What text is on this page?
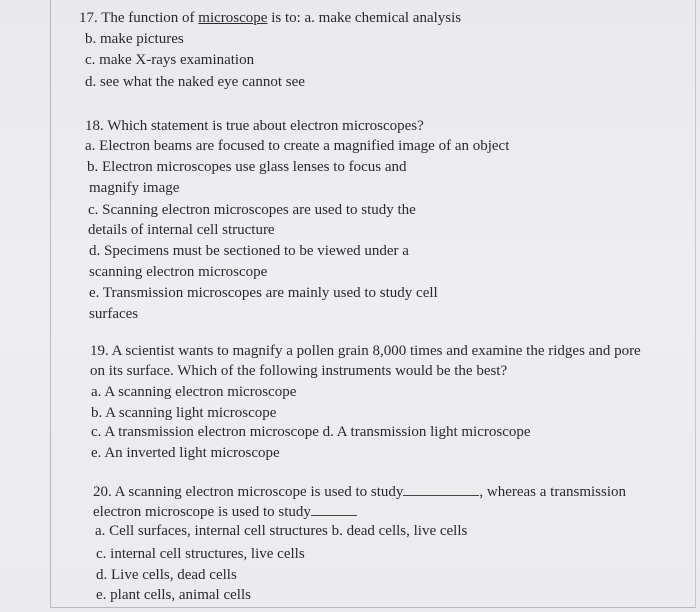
17. The function of microscope is to: a. make chemical analysis
b. make pictures
c. make X-rays examination
d. see what the naked eye cannot see
18. Which statement is true about electron microscopes?
a. Electron beams are focused to create a magnified image of an object
b. Electron microscopes use glass lenses to focus and
magnify image
c. Scanning electron microscopes are used to study the
details of internal cell structure
d. Specimens must be sectioned to be viewed under a
scanning electron microscope
e. Transmission microscopes are mainly used to study cell
surfaces
19. A scientist wants to magnify a pollen grain 8,000 times and examine the ridges and pore
on its surface. Which of the following instruments would be the best?
a. A scanning electron microscope
b. A scanning light microscope
c. A transmission electron microscope d. A transmission light microscope
e. An inverted light microscope
20. A scanning electron microscope is used to study	, whereas a transmission
electron microscope is used to study
a. Cell surfaces, internal cell structures b. dead cells, live cells
c. internal cell structures, live cells
d. Live cells, dead cells
e. plant cells, animal cells
